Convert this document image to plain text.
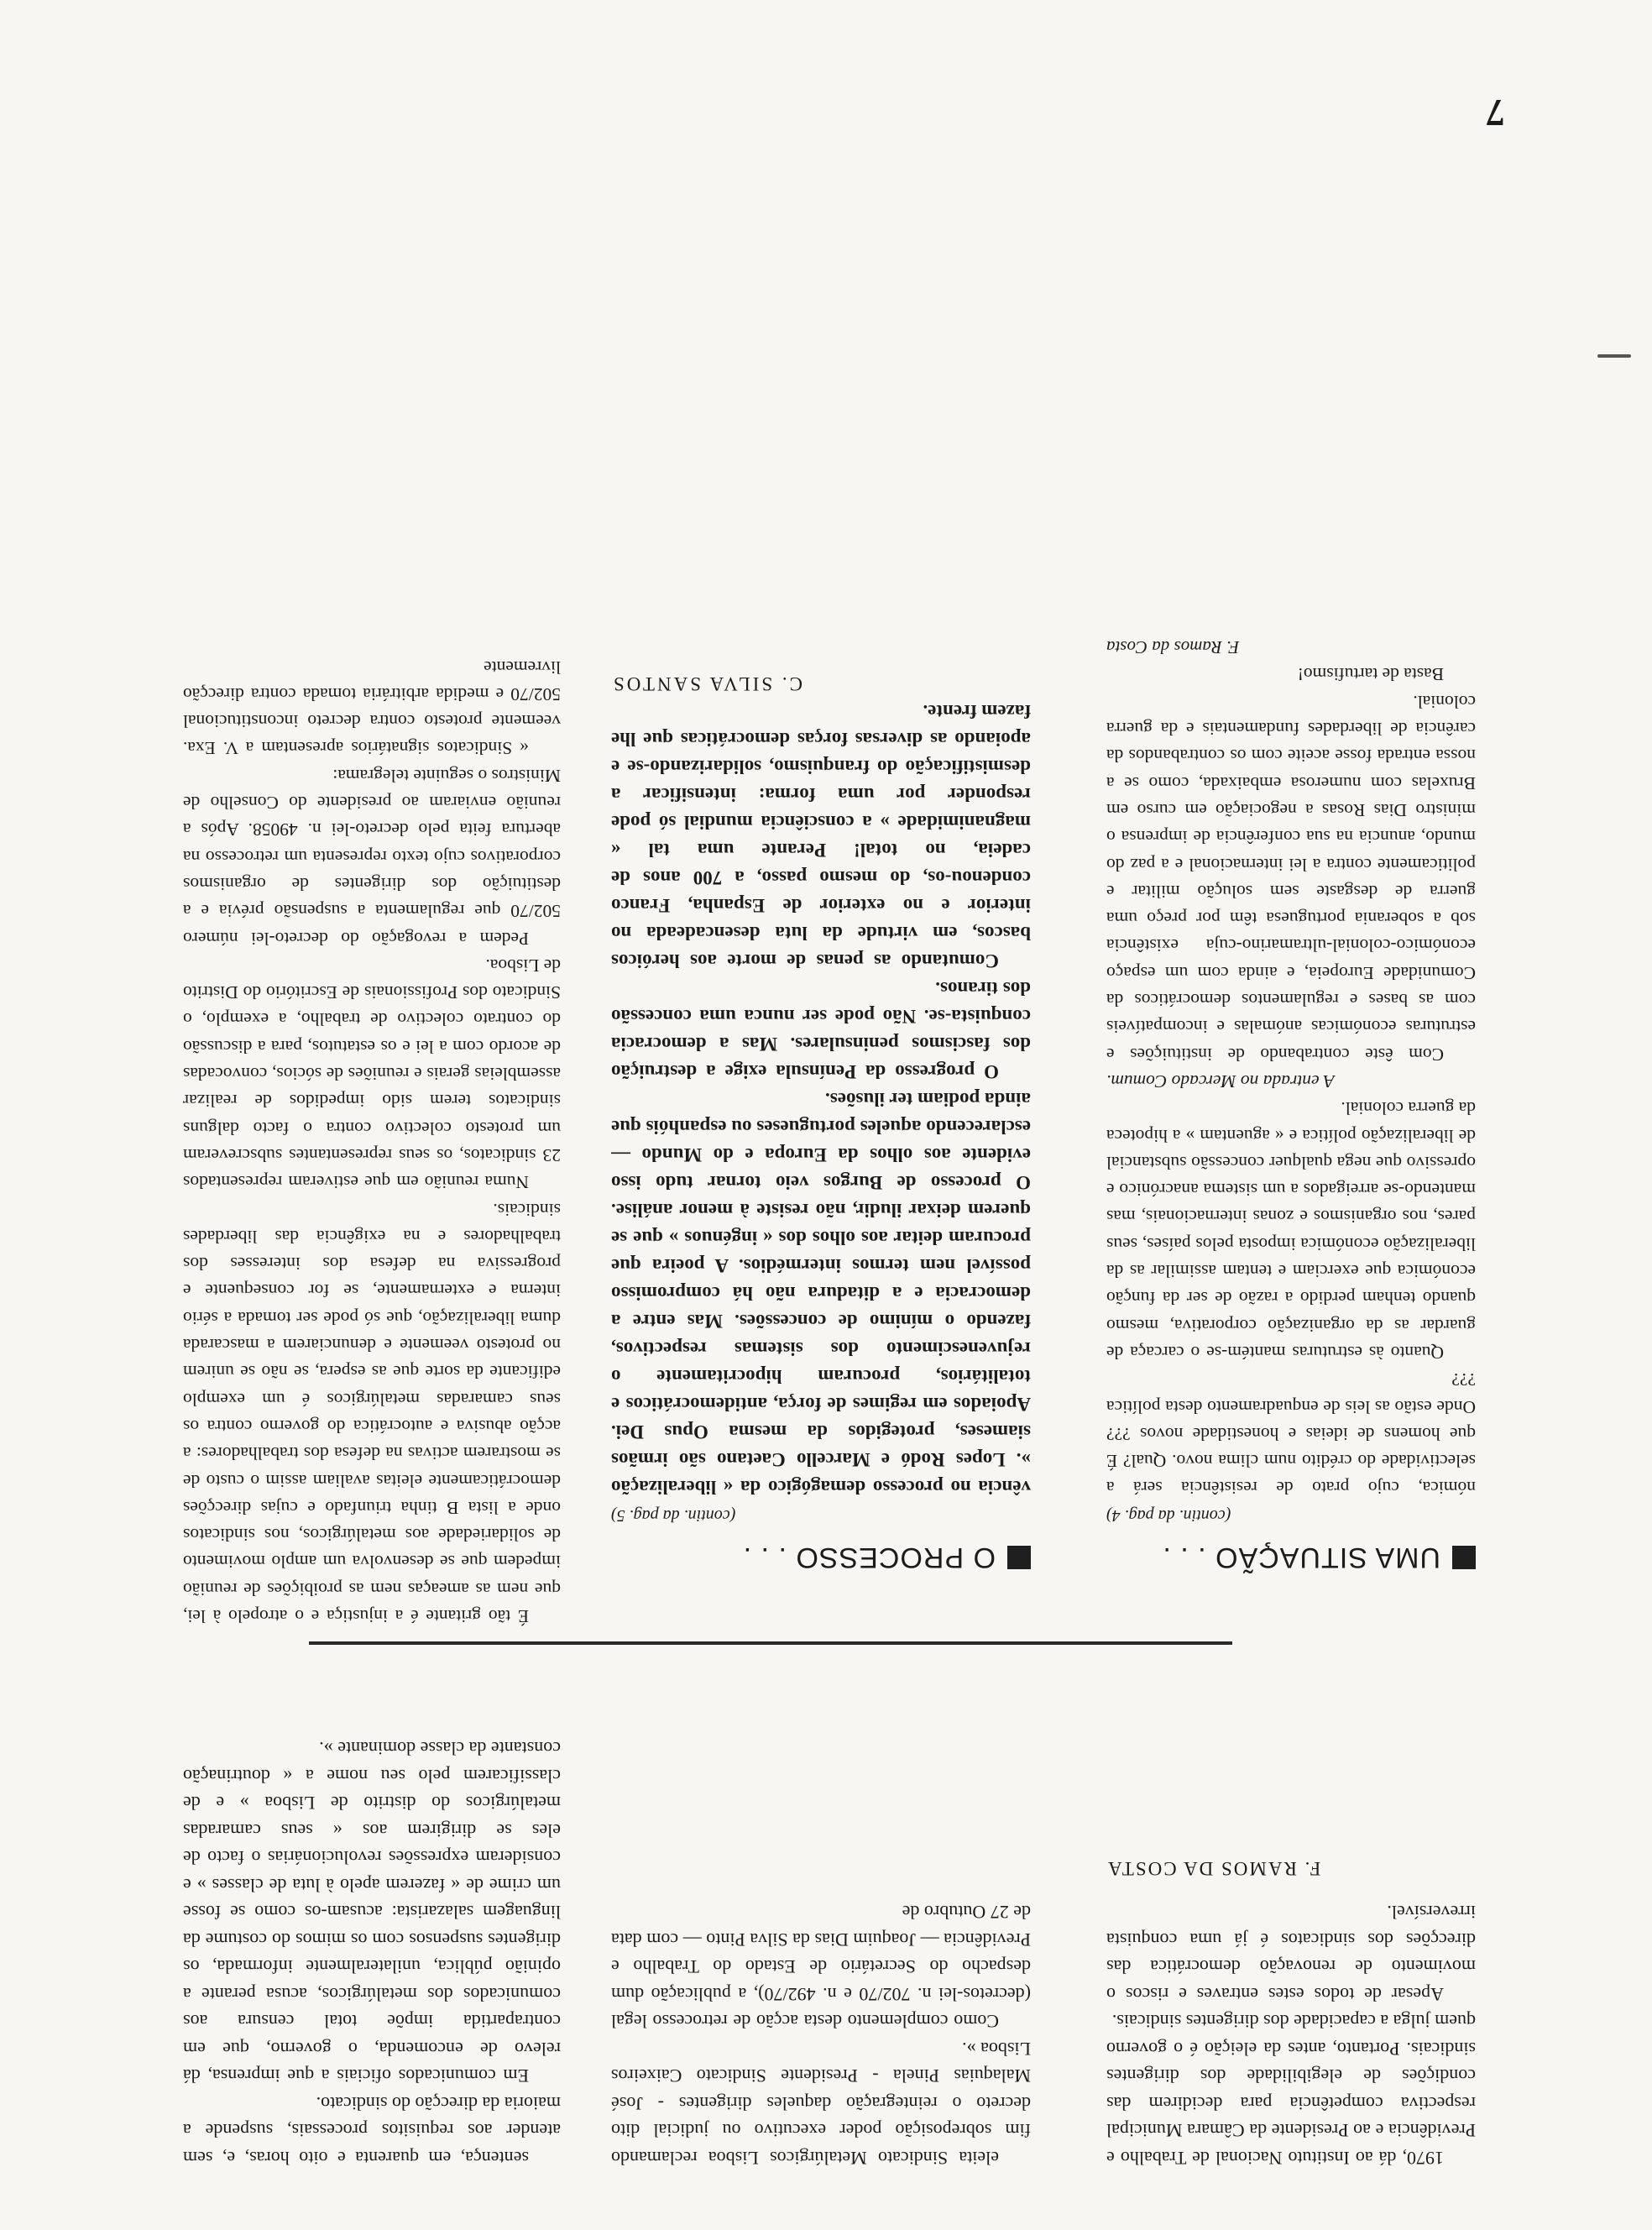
1970, dá ao Instituto Nacional de Trabalho e Previdência e ao Presidente da Câmara Municipal respectiva competência para decidirem das condições de elegibilidade dos dirigentes sindicais. Portanto, antes da eleição é o governo quem julga a capacidade dos dirigentes sindicais.

Apesar de todos estes entraves e riscos o movimento de renovação democrática das direcções dos sindicatos é já uma conquista irreversível.

F. RAMOS DA COSTA

eleita Sindicato Metalúrgicos Lisboa reclamando fim sobreposição poder executivo ou judicial dito decreto o reintegração daqueles dirigentes - José Malaquias Pinela - Presidente Sindicato Caixeiros Lisboa ».

Como complemento desta acção de retrocesso legal (decretos-lei n. 702/70 e n. 492/70), a publicação dum despacho do Secretário de Estado do Trabalho e Previdência — Joaquim Dias da Silva Pinto — com data de 27 Outubro de

sentença, em quarenta e oito horas, e, sem atender aos requisitos processais, suspende a maioria da direcção do sindicato.

Em comunicados oficiais a que imprensa, dá relevo de encomenda, o governo, que em contrapartida impõe total censura aos comunicados dos metalúrgicos, acusa perante a opinião pública, unilateralmente informada, os dirigentes suspensos com os mimos do costume da linguagem salazarista: acusam-os como se fosse um crime de « fazerem apelo à luta de classes » e consideram expressões revolucionárias o facto de eles se dirigirem aos « seus camaradas metalúrgicos do distrito de Lisboa » e de classificarem pelo seu nome a « doutrinação constante da classe dominante ».

UMA SITUAÇÃO . . .

(contin. da pag. 4)

nómica, cujo prato de resistência será a selectividade do crédito num clima novo. Qual? É que homens de ideias e honestidade novos ??? Onde estão as leis de enquadramento desta política ???

Quanto às estruturas mantém-se o carcaça de guardar as da organização corporativa, mesmo quando tenham perdido a razão de ser da função económica que exerciam e tentam assimilar as da liberalização económica imposta pelos países, seus pares, nos organismos e zonas internacionais, mas mantendo-se arreigados a um sistema anacrónico e opressivo que nega qualquer concessão substancial de liberalização política e « aguentam » a hipoteca da guerra colonial.

A entrada no Mercado Comum.

Com êste contrabando de instituições e estruturas económicas anómalas e incompatíveis com as bases e regulamentos democráticos da Comunidade Europeia, e ainda com um espaço económico-colonial-ultramarino-cuja existência sob a soberania portuguesa têm por preço uma guerra de desgaste sem solução militar e politicamente contra a lei internacional e a paz do mundo, anuncia na sua conferência de imprensa o ministro Dias Rosas a negociação em curso em Bruxelas com numerosa embaixada, como se a nossa entrada fosse aceite com os contrabandos da carência de liberdades fundamentais e da guerra colonial.

Basta de tartufismo!

F. Ramos da Costa

O PROCESSO . . .

(contin. da pag. 5)

vência no processo demagógico da « liberalização ». Lopes Rodó e Marcello Caetano são irmãos siameses, protegidos da mesma Opus Dei. Apoiados em regimes de força, antidemocráticos e totalitários, procuram hipocritamente o rejuvenescimento dos sistemas respectivos, fazendo o mínimo de concessões. Mas entre a democracia e a ditadura não há compromisso possível nem termos intermédios. A poeira que procuram deitar aos olhos dos « ingénuos » que se querem deixar iludir, não resiste à menor análise. O processo de Burgos veio tornar tudo isso evidente aos olhos da Europa e do Mundo — esclarecendo aqueles portugueses ou espanhóis que ainda podiam ter ilusões.

O progresso da Península exige a destruição dos fascismos peninsulares. Mas a democracia conquista-se. Não pode ser nunca uma concessão dos tiranos.

Comutando as penas de morte aos heróicos bascos, em virtude da luta desencadeada no interior e no exterior de Espanha, Franco condenou-os, do mesmo passo, a 700 anos de cadeia, no total! Perante uma tal « magnanimidade » a consciência mundial só pode responder por uma forma: intensificar a desmistificação do franquismo, solidarizando-se e apoiando as diversas forças democráticas que lhe fazem frente.

C. SILVA SANTOS

É tão gritante é a injustiça e o atropelo à lei, que nem as ameaças nem as proibições de reunião impedem que se desenvolva um amplo movimento de solidariedade aos metalúrgicos, nos sindicatos onde a lista B tinha triunfado e cujas direcções democráticamente eleitas avaliam assim o custo de se mostrarem activas na defesa dos trabalhadores: a acção abusiva e autocrática do governo contra os seus camaradas metalúrgicos é um exemplo edificante da sorte que as espera, se não se unirem no protesto veemente e denunciarem a mascarada duma liberalização, que só pode ser tomada a sério interna e externamente, se for consequente e progressiva na defesa dos interesses dos trabalhadores e na exigência das liberdades sindicais.

Numa reunião em que estiveram representados 23 sindicatos, os seus representantes subscreveram um protesto colectivo contra o facto dalguns sindicatos terem sido impedidos de realizar assembleias gerais e reuniões de sócios, convocadas de acordo com a lei e os estatutos, para a discussão do contrato colectivo de trabalho, a exemplo, o Sindicato dos Profissionais de Escritório do Distrito de Lisboa.

Pedem a revogação do decreto-lei número 502/70 que regulamenta a suspensão prévia e a destituição dos dirigentes de organismos corporativos cujo texto representa um retrocesso na abertura feita pelo decreto-lei n. 49058. Após a reunião enviaram ao presidente do Conselho de Ministros o seguinte telegrama:

« Sindicatos signatários apresentam a V. Exa. veemente protesto contra decreto inconstitucional 502/70 e medida arbitrária tomada contra direcção livremente

7
